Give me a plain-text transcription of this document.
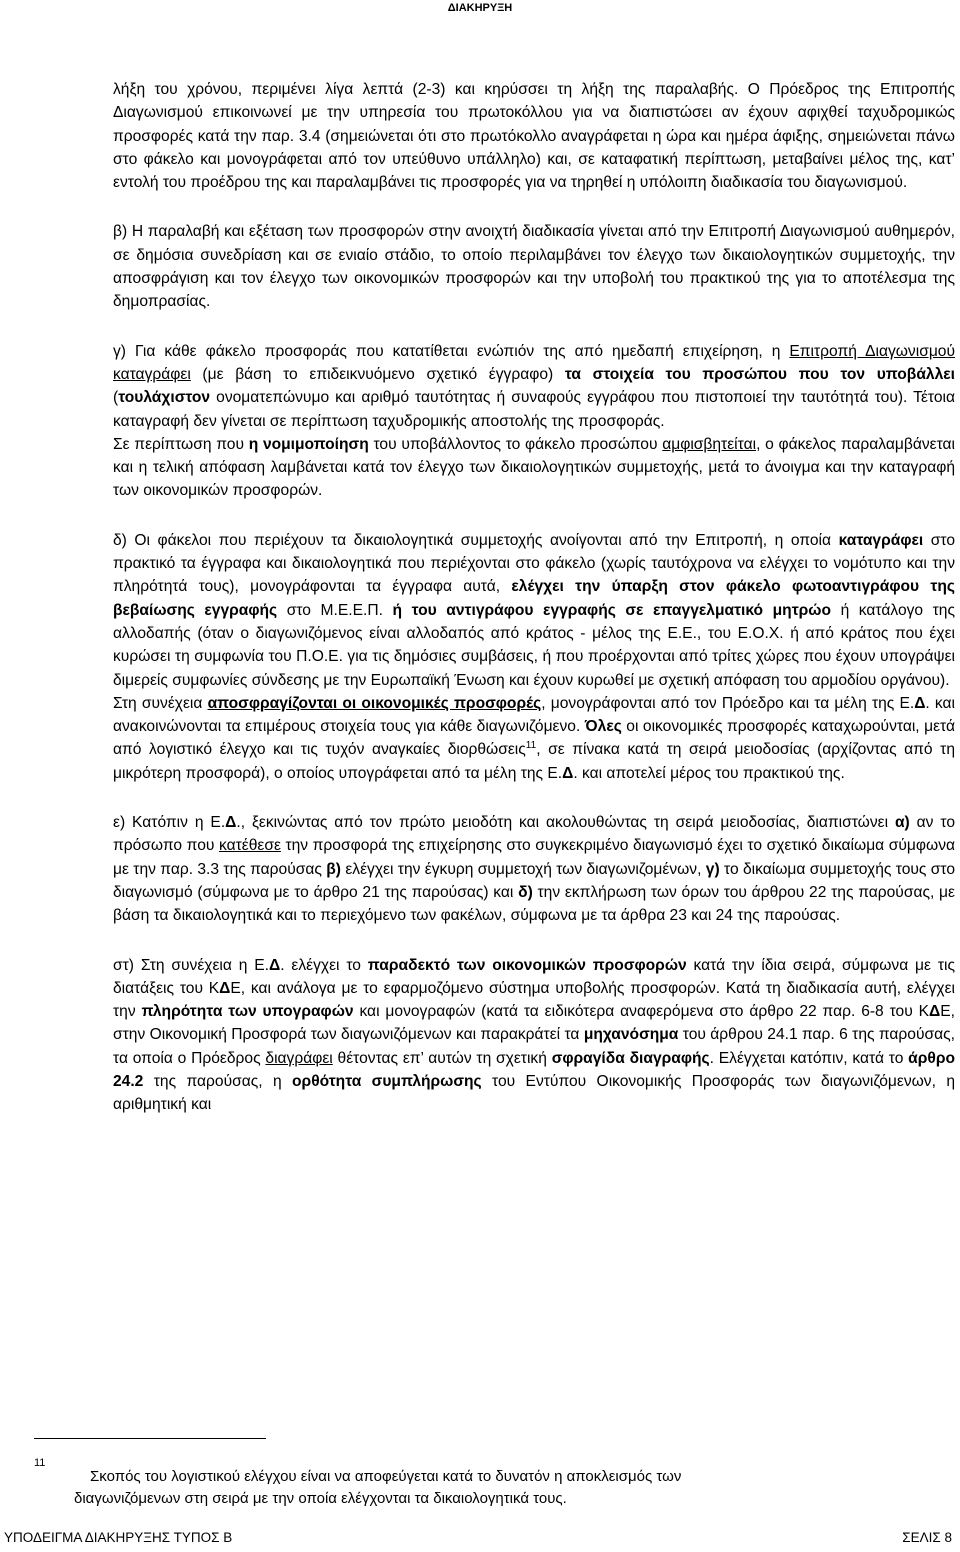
ΔΙΑΚΗΡΥΞΗ

λήξη του χρόνου, περιμένει λίγα λεπτά (2-3) και κηρύσσει τη λήξη της παραλαβής. Ο Πρόεδρος της Επιτροπής Διαγωνισμού επικοινωνεί με την υπηρεσία του πρωτοκόλλου για να διαπιστώσει αν έχουν αφιχθεί ταχυδρομικώς προσφορές κατά την παρ. 3.4 (σημειώνεται ότι στο πρωτόκολλο αναγράφεται η ώρα και ημέρα άφιξης, σημειώνεται πάνω στο φάκελο και μονογράφεται από τον υπεύθυνο υπάλληλο) και, σε καταφατική περίπτωση, μεταβαίνει μέλος της, κατ’ εντολή του προέδρου της και παραλαμβάνει τις προσφορές για να τηρηθεί η υπόλοιπη διαδικασία του διαγωνισμού.

β) Η παραλαβή και εξέταση των προσφορών στην ανοιχτή διαδικασία γίνεται από την Επιτροπή Διαγωνισμού αυθημερόν, σε δημόσια συνεδρίαση και σε ενιαίο στάδιο, το οποίο περιλαμβάνει τον έλεγχο των δικαιολογητικών συμμετοχής, την αποσφράγιση και τον έλεγχο των οικονομικών προσφορών και την υποβολή του πρακτικού της για το αποτέλεσμα της δημοπρασίας.

γ) Για κάθε φάκελο προσφοράς που κατατίθεται ενώπιόν της από ημεδαπή επιχείρηση, η Επιτροπή Διαγωνισμού καταγράφει (με βάση το επιδεικνυόμενο σχετικό έγγραφο) τα στοιχεία του προσώπου που τον υποβάλλει (τουλάχιστον ονοματεπώνυμο και αριθμό ταυτότητας ή συναφούς εγγράφου που πιστοποιεί την ταυτότητά του). Τέτοια καταγραφή δεν γίνεται σε περίπτωση ταχυδρομικής αποστολής της προσφοράς.

Σε περίπτωση που η νομιμοποίηση του υποβάλλοντος το φάκελο προσώπου αμφισβητείται, ο φάκελος παραλαμβάνεται και η τελική απόφαση λαμβάνεται κατά τον έλεγχο των δικαιολογητικών συμμετοχής, μετά το άνοιγμα και την καταγραφή των οικονομικών προσφορών.

δ) Οι φάκελοι που περιέχουν τα δικαιολογητικά συμμετοχής ανοίγονται από την Επιτροπή, η οποία καταγράφει στο πρακτικό τα έγγραφα και δικαιολογητικά που περιέχονται στο φάκελο (χωρίς ταυτόχρονα να ελέγχει το νομότυπο και την πληρότητά τους), μονογράφονται τα έγγραφα αυτά, ελέγχει την ύπαρξη στον φάκελο φωτοαντιγράφου της βεβαίωσης εγγραφής στο Μ.Ε.Ε.Π. ή του αντιγράφου εγγραφής σε επαγγελματικό μητρώο ή κατάλογο της αλλοδαπής (όταν ο διαγωνιζόμενος είναι αλλοδαπός από κράτος - μέλος της Ε.Ε., του Ε.Ο.Χ. ή από κράτος που έχει κυρώσει τη συμφωνία του Π.Ο.Ε. για τις δημόσιες συμβάσεις, ή που προέρχονται από τρίτες χώρες που έχουν υπογράψει διμερείς συμφωνίες σύνδεσης με την Ευρωπαϊκή Ένωση και έχουν κυρωθεί με σχετική απόφαση του αρμοδίου οργάνου).

Στη συνέχεια αποσφραγίζονται οι οικονομικές προσφορές, μονογράφονται από τον Πρόεδρο και τα μέλη της Ε.Δ. και ανακοινώνονται τα επιμέρους στοιχεία τους για κάθε διαγωνιζόμενο. Όλες οι οικονομικές προσφορές καταχωρούνται, μετά από λογιστικό έλεγχο και τις τυχόν αναγκαίες διορθώσεις$^{11}$, σε πίνακα κατά τη σειρά μειοδοσίας (αρχίζοντας από τη μικρότερη προσφορά), ο οποίος υπογράφεται από τα μέλη της Ε.Δ. και αποτελεί μέρος του πρακτικού της.

ε) Κατόπιν η Ε.Δ., ξεκινώντας από τον πρώτο μειοδότη και ακολουθώντας τη σειρά μειοδοσίας, διαπιστώνει α) αν το πρόσωπο που κατέθεσε την προσφορά της επιχείρησης στο συγκεκριμένο διαγωνισμό έχει το σχετικό δικαίωμα σύμφωνα με την παρ. 3.3 της παρούσας β) ελέγχει την έγκυρη συμμετοχή των διαγωνιζομένων, γ) το δικαίωμα συμμετοχής τους στο διαγωνισμό (σύμφωνα με το άρθρο 21 της παρούσας) και δ) την εκπλήρωση των όρων του άρθρου 22 της παρούσας, με βάση τα δικαιολογητικά και το περιεχόμενο των φακέλων, σύμφωνα με τα άρθρα 23 και 24 της παρούσας.

στ) Στη συνέχεια η Ε.Δ. ελέγχει το παραδεκτό των οικονομικών προσφορών κατά την ίδια σειρά, σύμφωνα με τις διατάξεις του ΚΔΕ, και ανάλογα με το εφαρμοζόμενο σύστημα υποβολής προσφορών. Κατά τη διαδικασία αυτή, ελέγχει την πληρότητα των υπογραφών και μονογραφών (κατά τα ειδικότερα αναφερόμενα στο άρθρο 22 παρ. 6-8 του ΚΔΕ, στην Οικονομική Προσφορά των διαγωνιζόμενων και παρακράτεί τα μηχανόσημα του άρθρου 24.1 παρ. 6 της παρούσας, τα οποία ο Πρόεδρος διαγράφει θέτοντας επ’ αυτών τη σχετική σφραγίδα διαγραφής. Ελέγχεται κατόπιν, κατά το άρθρο 24.2 της παρούσας, η ορθότητα συμπλήρωσης του Εντύπου Οικονομικής Προσφοράς των διαγωνιζόμενων, η αριθμητική και

11
Σκοπός του λογιστικού ελέγχου είναι να αποφεύγεται κατά το δυνατόν η αποκλεισμός των
διαγωνιζόμενων στη σειρά με την οποία ελέγχονται τα δικαιολογητικά τους.
ΥΠΟΔΕΙΓΜΑ ΔΙΑΚΗΡΥΞΗΣ ΤΥΠΟΣ Β	ΣΕΛΙΣ 8
